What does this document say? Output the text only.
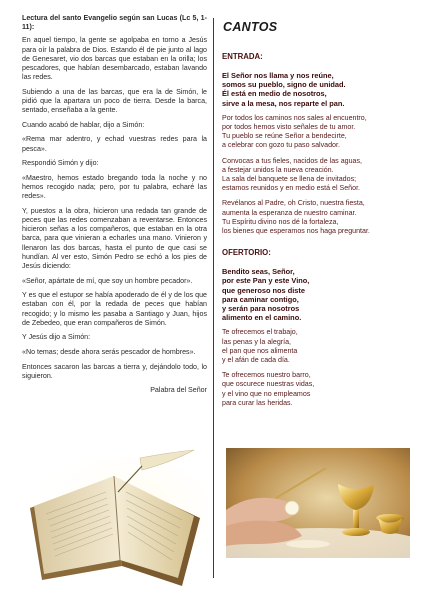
Lectura del santo Evangelio según san Lucas (Lc 5, 1-11):

En aquel tiempo, la gente se agolpaba en torno a Jesús para oír la palabra de Dios. Estando él de pie junto al lago de Genesaret, vio dos barcas que estaban en la orilla; los pescadores, que habían desembarcado, estaban lavando las redes.

Subiendo a una de las barcas, que era la de Simón, le pidió que la apartara un poco de tierra. Desde la barca, sentado, enseñaba a la gente.

Cuando acabó de hablar, dijo a Simón:

«Rema mar adentro, y echad vuestras redes para la pesca».

Respondió Simón y dijo:

«Maestro, hemos estado bregando toda la noche y no hemos recogido nada; pero, por tu palabra, echaré las redes».

Y, puestos a la obra, hicieron una redada tan grande de peces que las redes comenzaban a reventarse. Entonces hicieron señas a los compañeros, que estaban en la otra barca, para que vinieran a echarles una mano. Vinieron y llenaron las dos barcas, hasta el punto de que casi se hundían. Al ver esto, Simón Pedro se echó a los pies de Jesús diciendo:

«Señor, apártate de mí, que soy un hombre pecador».

Y es que el estupor se había apoderado de él y de los que estaban con él, por la redada de peces que habían recogido; y lo mismo les pasaba a Santiago y Juan, hijos de Zebedeo, que eran compañeros de Simón.

Y Jesús dijo a Simón:

«No temas; desde ahora serás pescador de hombres».

Entonces sacaron las barcas a tierra y, dejándolo todo, lo siguieron.

Palabra del Señor

CANTOS
ENTRADA:
El Señor nos llama y nos reúne,
somos su pueblo, signo de unidad.
Él está en medio de nosotros,
sirve a la mesa, nos reparte el pan.
Por todos los caminos nos sales al encuentro,
por todos hemos visto señales de tu amor.
Tu pueblo se reúne Señor a bendecirte,
a celebrar con gozo tu paso salvador.
Convocas a tus fieles, nacidos de las aguas,
a festejar unidos la nueva creación.
La sala del banquete se llena de invitados;
estamos reunidos y en medio está el Señor.
Revélanos al Padre, oh Cristo, nuestra fiesta,
aumenta la esperanza de nuestro caminar.
Tu Espíritu divino nos dé la fortaleza,
los bienes que esperamos nos haga preguntar.
OFERTORIO:
Bendito seas, Señor,
por este Pan y este Vino,
que generoso nos diste
para caminar contigo,
y serán para nosotros
alimento en el camino.
Te ofrecemos el trabajo,
las penas y la alegría,
el pan que nos alimenta
y el afán de cada día.
Te ofrecemos nuestro barro,
que oscurece nuestras vidas,
y el vino que no empleamos
para curar las heridas.
